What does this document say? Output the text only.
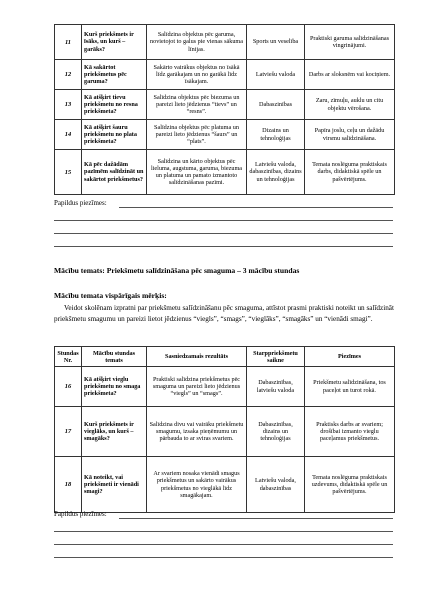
11	Kurš priekšmets ir īsāks, un kurš – garāks?	Salīdzina objektus pēc garuma, novietojot to galus pie vienas sākuma līnijas.	Sports un veselība	Praktiski garuma salīdzināšanas vingrinājumi.
12	Kā sakārtot priekšmetus pēc garuma?	Sakārto vairākus objektus no īsākā līdz garākajam un no garākā līdz īsākajam.	Latviešu valoda	Darbs ar sloksnēm vai kociņiem.
13	Kā atšķirt tievu priekšmetu no resna priekšmeta?	Salīdzina objektus pēc biezuma un pareizi lieto jēdzienus “tievs” un “resns”.	Dabaszinības	Zaru, zīmuļu, auklu un citu objektu vērošana.
14	Kā atšķirt šauru priekšmetu no plata priekšmeta?	Salīdzina objektus pēc platuma un pareizi lieto jēdzienus “šaurs” un “plats”.	Dizains un tehnoloģijas	Papīra joslu, ceļu un dažādu virsmu salīdzināšana.
15	Kā pēc dažādām pazīmēm salīdzināt un sakārtot priekšmetus?	Salīdzina un kārto objektus pēc lieluma, augstuma, garuma, biezuma un platuma un pamato izmantoto salīdzināšanas pazīmi.	Latviešu valoda, dabaszinības, dizains un tehnoloģijas	Temata noslēguma praktiskais darbs, didaktiskā spēle un pašvērtējums.
Papildus piezīmes:
Mācību temats: Priekšmetu salīdzināšana pēc smaguma – 3 mācību stundas
Mācību temata vispārīgais mērķis:
Veidot skolēnam izpratni par priekšmetu salīdzināšanu pēc smaguma, attīstot prasmi praktiski noteikt un salīdzināt priekšmetu smagumu un pareizi lietot jēdzienus “viegls”, “smags”, “vieglāks”, “smagāks” un “vienādi smagi”.
Stundas Nr.	Mācību stundas temats	Sasniedzamais rezultāts	Starppriekšmetu saikne	Piezīmes
16	Kā atšķirt vieglu priekšmetu no smaga priekšmeta?	Praktiski salīdzina priekšmetus pēc smaguma un pareizi lieto jēdzienus “viegls” un “smags”.	Dabaszinības, latviešu valoda	Priekšmetu salīdzināšana, tos paceļot un turot rokā.
17	Kurš priekšmets ir vieglāks, un kurš – smagāks?	Salīdzina divu vai vairāku priekšmetu smagumu, izsaka pieņēmumu un pārbauda to ar sviras svariem.	Dabaszinības, dizains un tehnoloģijas	Praktisks darbs ar svariem; drošībai izmanto vieglu paceļamus priekšmetus.
18	Kā noteikt, vai priekšmeti ir vienādi smagi?	Ar svariem nosaka vienādi smagus priekšmetus un sakārto vairākus priekšmetus no vieglākā līdz smagākajam.	Latviešu valoda, dabaszinības	Temata noslēguma praktiskais uzdevums, didaktiskā spēle un pašvērtējums.
Papildus piezīmes:
